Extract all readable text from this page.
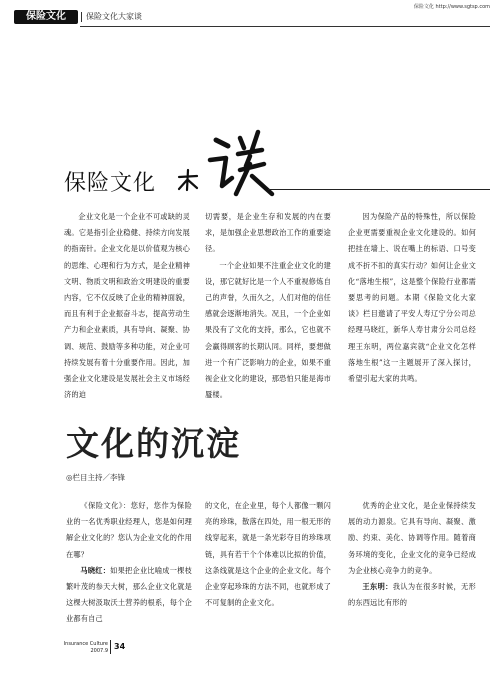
保险文化	保险文化大家谈
保险文化 http://www.sgtsp.com
保险文化
企业文化是一个企业不可或缺的灵魂。它是指引企业稳健、持续方向发展的指南针。企业文化是以价值观为核心的思维、心理和行为方式，是企业精神文明、物质文明和政治文明建设的重要内容，它不仅反映了企业的精神面貌，而且有利于企业振奋斗志，提高劳动生产力和企业素质，具有导向、凝聚、协调、规范、鼓励等多种功能，对企业可持续发展有着十分重要作用。因此，加强企业文化建设是发展社会主义市场经济的迫
切需要，是企业生存和发展的内在要求，是加强企业思想政治工作的重要途径。
一个企业如果不注重企业文化的建设，那它就好比是一个人不重视修炼自己的声誉，久而久之，人们对他的信任感就会逐渐地消失。况且，一个企业如果没有了文化的支持，那么，它也就不会赢得顾客的长期认同。同样，要想做进一个有广泛影响力的企业，如果不重视企业文化的建设，那恐怕只能是海市蜃楼。
因为保险产品的特殊性，所以保险企业更需要重视企业文化建设的。如何把挂在墙上、说在嘴上的标语、口号变成不折不扣的真实行动？如何让企业文化“落地生根”，这是整个保险行业都需要思考的问题。本期《保险文化大家谈》栏目邀请了平安人寿辽宁分公司总经理马晓红，新华人寿甘肃分公司总经理王东明，两位嘉宾就“企业文化怎样落地生根”这一主题展开了深入探讨，希望引起大家的共鸣。
文化的沉淀
◎栏目主持／李锋
《保险文化》：您好，您作为保险业的一名优秀职业经理人，您是如何理解企业文化的？您认为企业文化的作用在哪？
马晓红：如果把企业比喻成一棵枝繁叶茂的参天大树，那么企业文化就是这棵大树汲取沃土营养的根系，每个企业都有自己
的文化，在企业里，每个人都像一颗闪亮的珍珠，散落在四处，用一根无形的线穿起来，就是一条光彩夺目的珍珠项链，具有若干个个体难以比拟的价值，这条线就是这个企业的企业文化。每个企业穿起珍珠的方法不同，也就形成了不可复制的企业文化。
优秀的企业文化，是企业保持续发展的动力源泉。它具有导向、凝聚、激励、约束、美化、协调等作用。随着商务环境的变化，企业文化的竞争已经成为企业核心竞争力的竞争。
王东明：我认为在很多时候，无形的东西远比有形的
Insurance Culture
2007.9 34
